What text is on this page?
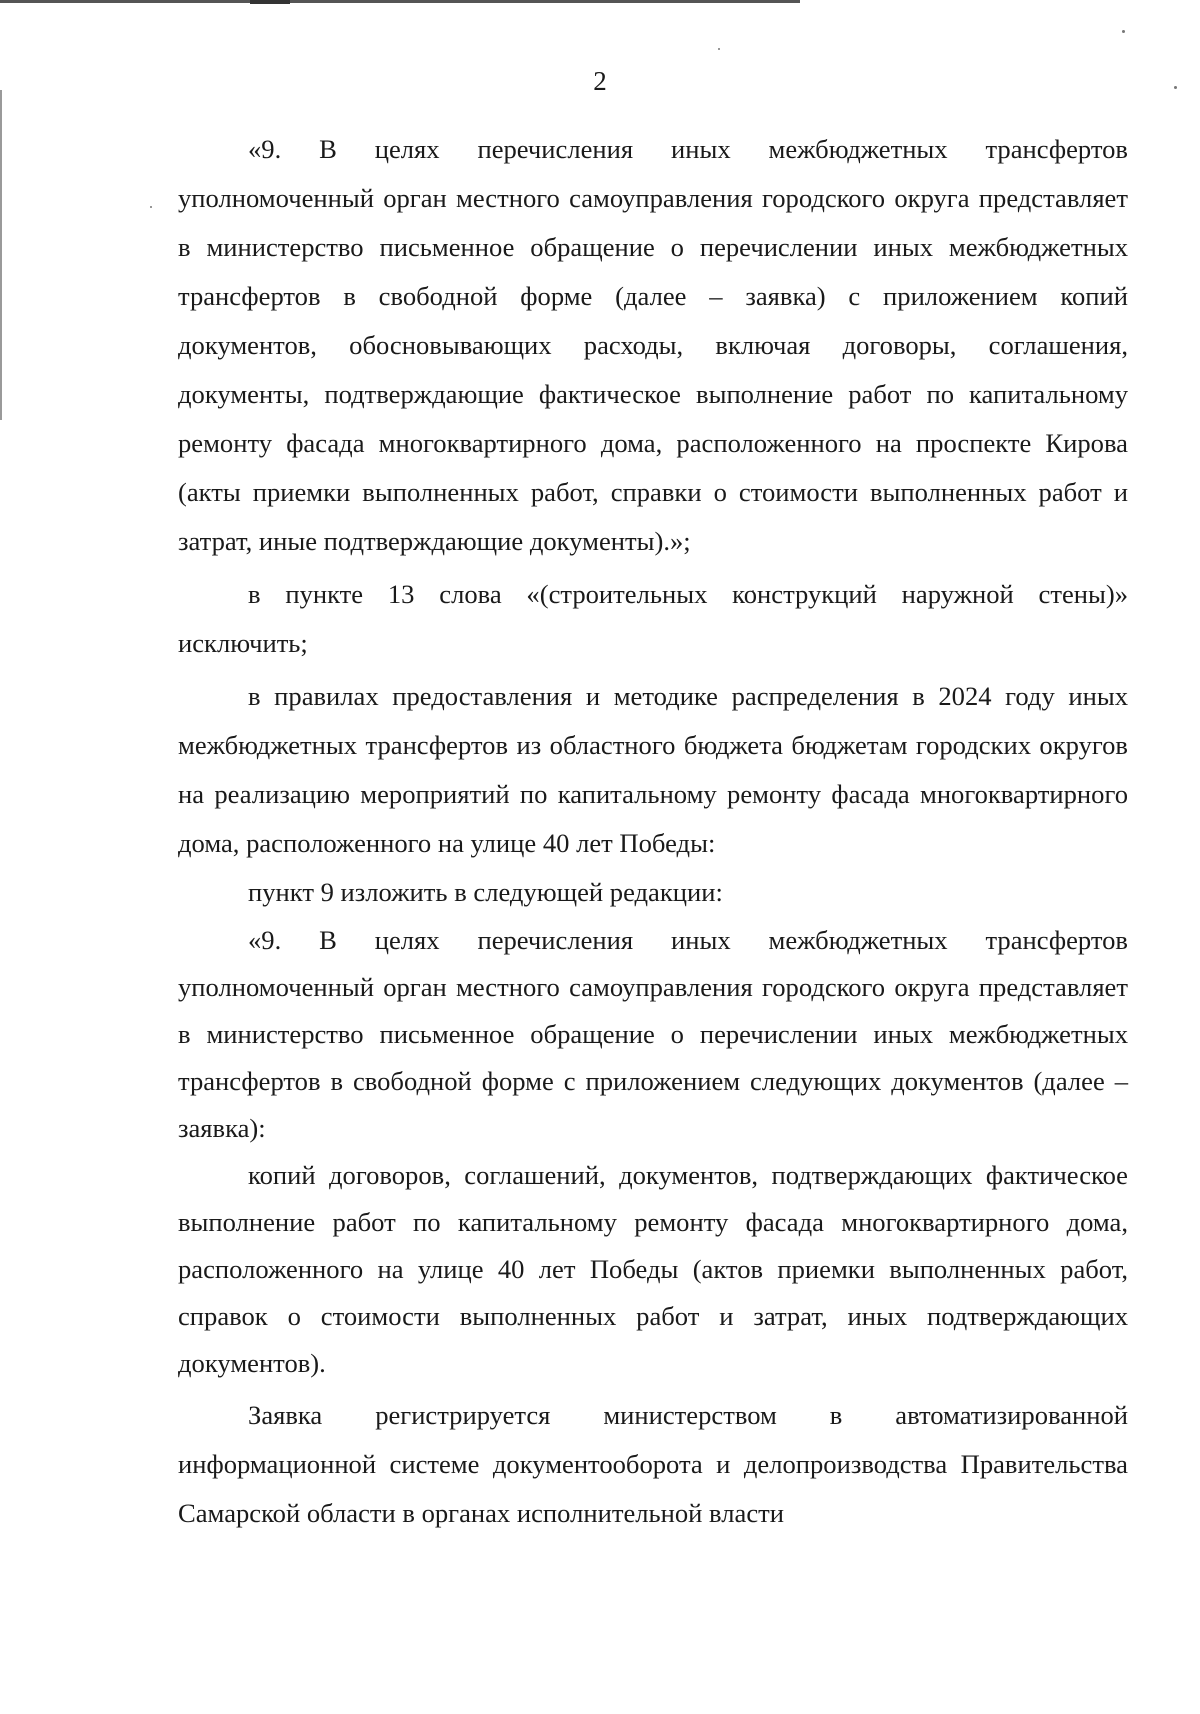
2

«9. В целях перечисления иных межбюджетных трансфертов уполномоченный орган местного самоуправления городского округа представляет в министерство письменное обращение о перечислении иных межбюджетных трансфертов в свободной форме (далее – заявка) с приложением копий документов, обосновывающих расходы, включая договоры, соглашения, документы, подтверждающие фактическое выполнение работ по капитальному ремонту фасада многоквартирного дома, расположенного на проспекте Кирова (акты приемки выполненных работ, справки о стоимости выполненных работ и затрат, иные подтверждающие документы).»;

в пункте 13 слова «(строительных конструкций наружной стены)» исключить;

в правилах предоставления и методике распределения в 2024 году иных межбюджетных трансфертов из областного бюджета бюджетам городских округов на реализацию мероприятий по капитальному ремонту фасада многоквартирного дома, расположенного на улице 40 лет Победы:

пункт 9 изложить в следующей редакции:

«9. В целях перечисления иных межбюджетных трансфертов уполномоченный орган местного самоуправления городского округа представляет в министерство письменное обращение о перечислении иных межбюджетных трансфертов в свободной форме с приложением следующих документов (далее – заявка):

копий договоров, соглашений, документов, подтверждающих фактическое выполнение работ по капитальному ремонту фасада многоквартирного дома, расположенного на улице 40 лет Победы (актов приемки выполненных работ, справок о стоимости выполненных работ и затрат, иных подтверждающих документов).

Заявка регистрируется министерством в автоматизированной информационной системе документооборота и делопроизводства Правительства Самарской области в органах исполнительной власти
